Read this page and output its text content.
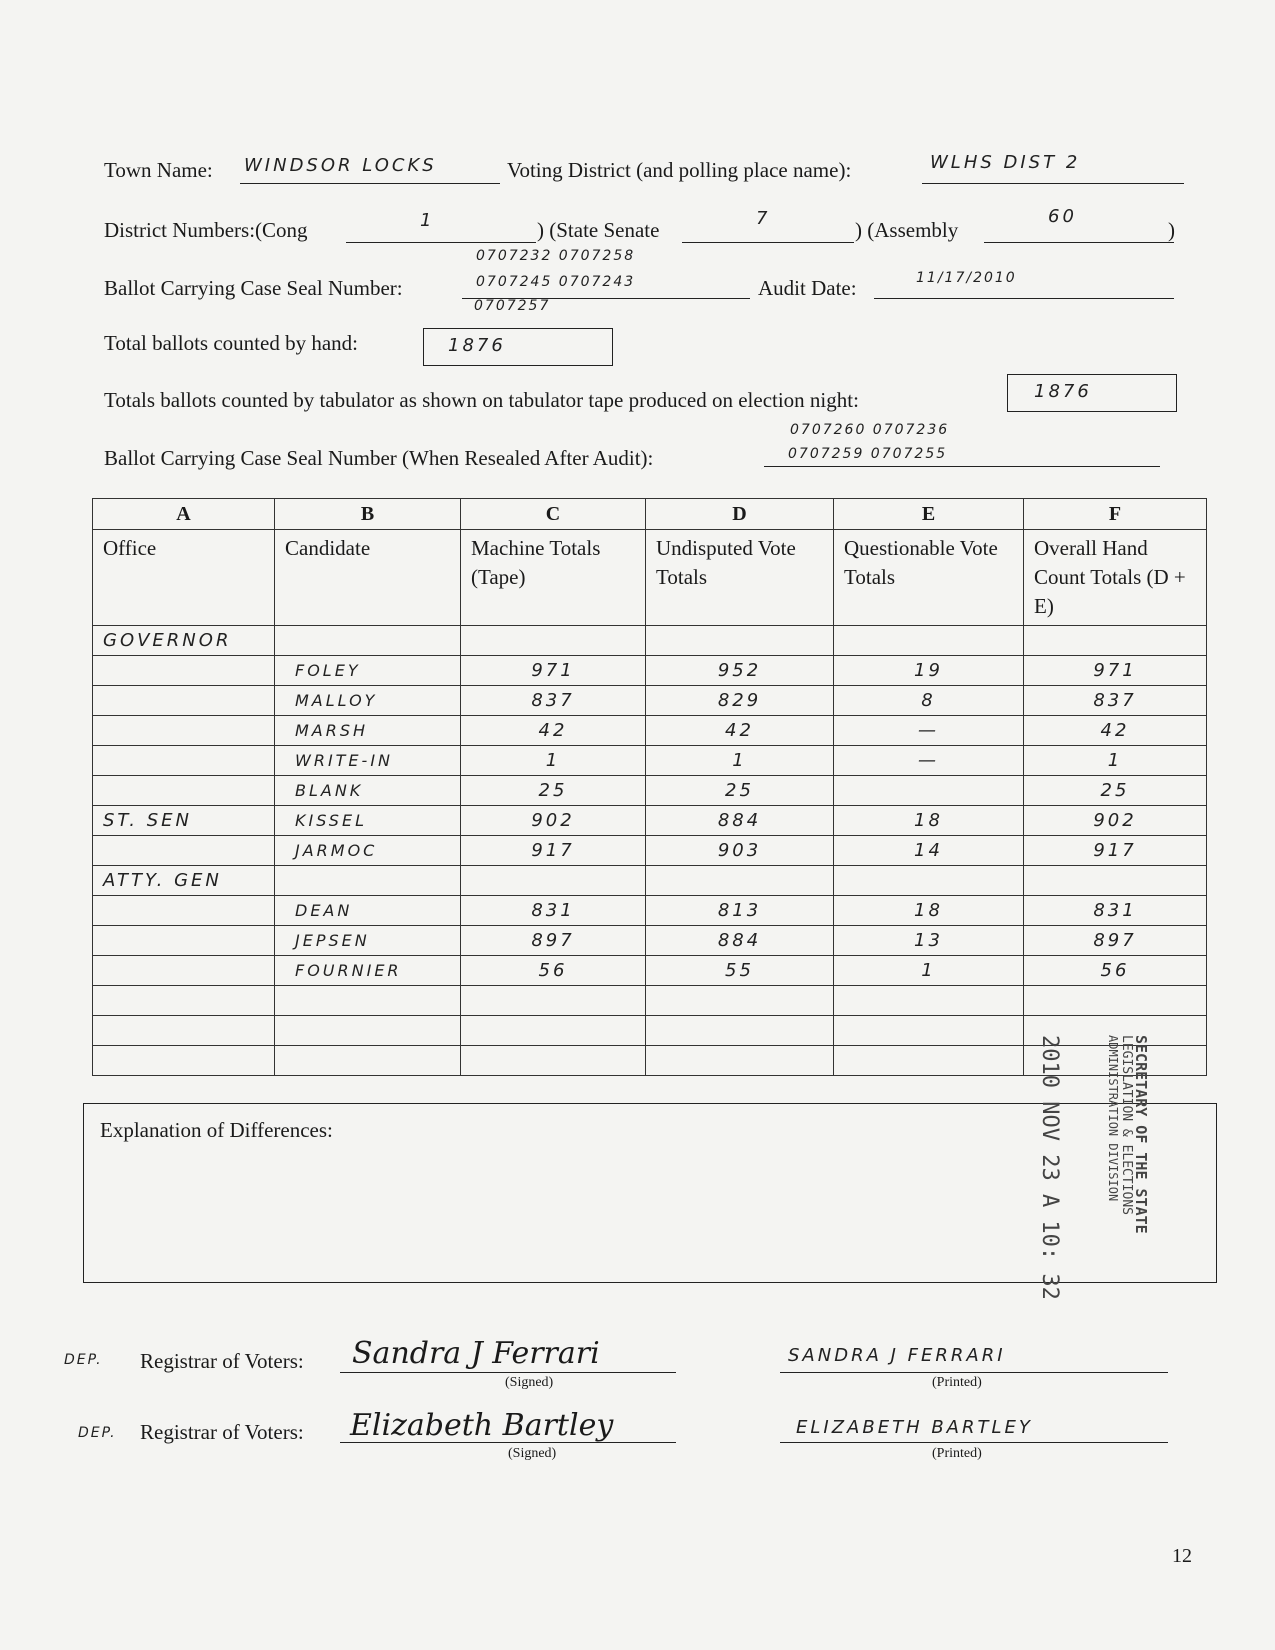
Town Name: WINDSOR LOCKS	Voting District (and polling place name):	WLHS DIST 2
District Numbers:(Cong	1	) (State Senate	7	) (Assembly
60
)
0707232 0707258
Ballot Carrying Case Seal Number:	0707245 0707243
0707257
Audit Date:	11/17/2010
Total ballots counted by hand:	1876
Totals ballots counted by tabulator as shown on tabulator tape produced on election night:	1876
0707260 0707236
Ballot Carrying Case Seal Number (When Resealed After Audit):	0707259 0707255
A	B	C	D	E	F
Office	Candidate	Machine Totals (Tape)	Undisputed Vote Totals	Questionable Vote Totals	Overall Hand Count Totals (D + E)
GOVERNOR					
	FOLEY	971	952	19	971
	MALLOY	837	829	8	837
	MARSH	42	42	—	42
	WRITE-IN	1	1	—	1
	BLANK	25	25		25
ST. SEN	KISSEL	902	884	18	902
	JARMOC	917	903	14	917
ATTY. GEN					
	DEAN	831	813	18	831
	JEPSEN	897	884	13	897
	FOURNIER	56	55	1	56

Explanation of Differences:	SECRETARY OF THE STATE
LEGISLATION & ELECTIONS
ADMINISTRATION DIVISION
2010 NOV 23 A 10: 32
DEP. Registrar of Voters: Sandra J Ferrari
(Signed)
SANDRA J FERRARI
(Printed)
DEP. Registrar of Voters: Elizabeth Bartley
(Signed)
ELIZABETH BARTLEY
(Printed)
12
